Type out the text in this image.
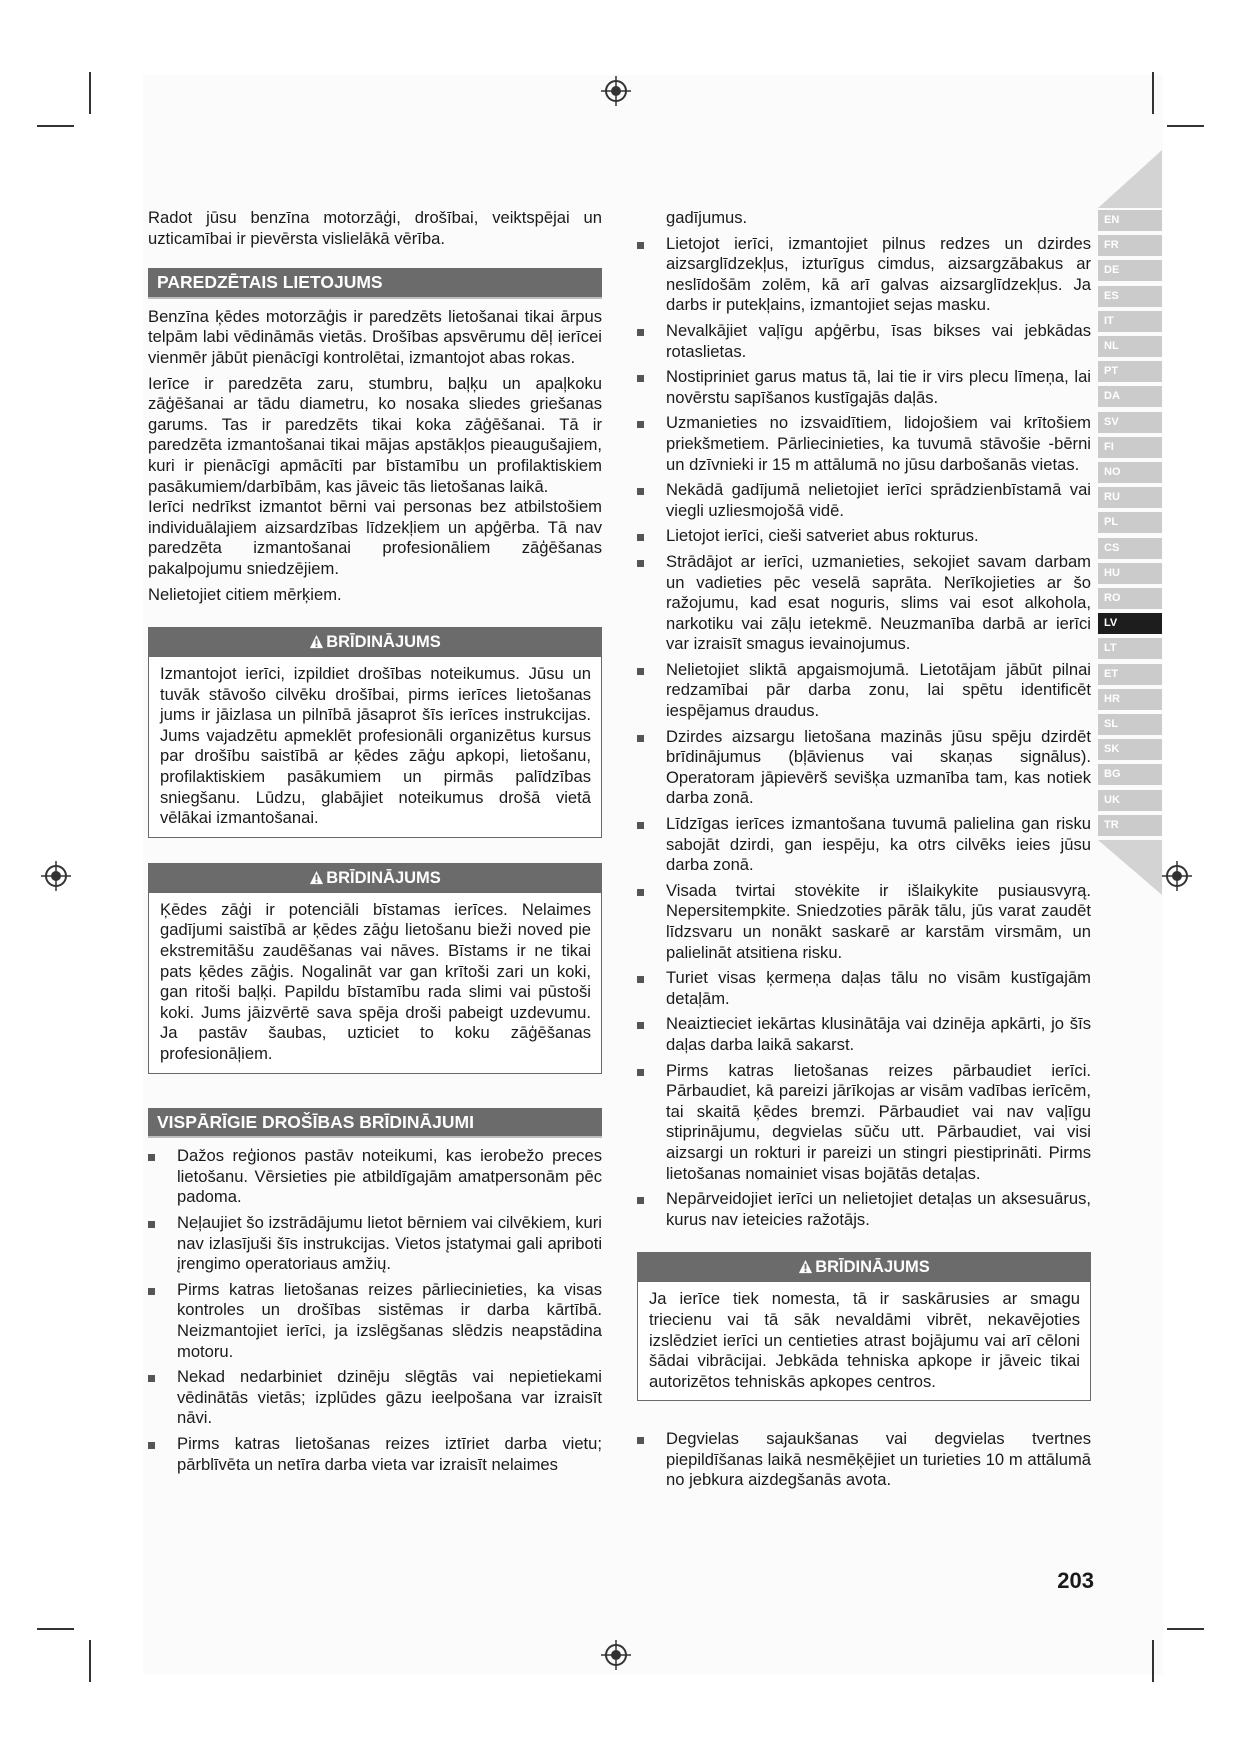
EN
FR
DE
ES
IT
NL
PT
DA
SV
FI
NO
RU
PL
CS
HU
RO
LV
LT
ET
HR
SL
SK
BG
UK
TR

Radot jūsu benzīna motorzāģi, drošībai, veiktspējai un uzticamībai ir pievērsta vislielākā vērība.

PAREDZĒTAIS LIETOJUMS

Benzīna ķēdes motorzāģis ir paredzēts lietošanai tikai ārpus telpām labi vēdināmās vietās. Drošības apsvērumu dēļ ierīcei vienmēr jābūt pienācīgi kontrolētai, izmantojot abas rokas.

Ierīce ir paredzēta zaru, stumbru, baļķu un apaļkoku zāģēšanai ar tādu diametru, ko nosaka sliedes griešanas garums. Tas ir paredzēts tikai koka zāģēšanai. Tā ir paredzēta izmantošanai tikai mājas apstākļos pieaugušajiem, kuri ir pienācīgi apmācīti par bīstamību un profilaktiskiem pasākumiem/darbībām, kas jāveic tās lietošanas laikā.

Ierīci nedrīkst izmantot bērni vai personas bez atbilstošiem individuālajiem aizsardzības līdzekļiem un apģērba. Tā nav paredzēta izmantošanai profesionāliem zāģēšanas pakalpojumu sniedzējiem.

Nelietojiet citiem mērķiem.

BRĪDINĀJUMS
Izmantojot ierīci, izpildiet drošības noteikumus. Jūsu un tuvāk stāvošo cilvēku drošībai, pirms ierīces lietošanas jums ir jāizlasa un pilnībā jāsaprot šīs ierīces instrukcijas. Jums vajadzētu apmeklēt profesionāli organizētus kursus par drošību saistībā ar ķēdes zāģu apkopi, lietošanu, profilaktiskiem pasākumiem un pirmās palīdzības sniegšanu. Lūdzu, glabājiet noteikumus drošā vietā vēlākai izmantošanai.
BRĪDINĀJUMS
Ķēdes zāģi ir potenciāli bīstamas ierīces. Nelaimes gadījumi saistībā ar ķēdes zāģu lietošanu bieži noved pie ekstremitāšu zaudēšanas vai nāves. Bīstams ir ne tikai pats ķēdes zāģis. Nogalināt var gan krītoši zari un koki, gan ritoši baļķi. Papildu bīstamību rada slimi vai pūstoši koki. Jums jāizvērtē sava spēja droši pabeigt uzdevumu. Ja pastāv šaubas, uzticiet to koku zāģēšanas profesionāļiem.
VISPĀRĪGIE DROŠĪBAS BRĪDINĀJUMI
Dažos reģionos pastāv noteikumi, kas ierobežo preces lietošanu. Vērsieties pie atbildīgajām amatpersonām pēc padoma.
Neļaujiet šo izstrādājumu lietot bērniem vai cilvēkiem, kuri nav izlasījuši šīs instrukcijas. Vietos įstatymai gali apriboti įrengimo operatoriaus amžių.
Pirms katras lietošanas reizes pārliecinieties, ka visas kontroles un drošības sistēmas ir darba kārtībā. Neizmantojiet ierīci, ja izslēgšanas slēdzis neapstādina motoru.
Nekad nedarbiniet dzinēju slēgtās vai nepietiekami vēdinātās vietās; izplūdes gāzu ieelpošana var izraisīt nāvi.
Pirms katras lietošanas reizes iztīriet darba vietu; pārblīvēta un netīra darba vieta var izraisīt nelaimes

gadījumus.

Lietojot ierīci, izmantojiet pilnus redzes un dzirdes aizsarglīdzekļus, izturīgus cimdus, aizsargzābakus ar neslīdošām zolēm, kā arī galvas aizsarglīdzekļus. Ja darbs ir putekļains, izmantojiet sejas masku.
Nevalkājiet vaļīgu apģērbu, īsas bikses vai jebkādas rotaslietas.
Nostipriniet garus matus tā, lai tie ir virs plecu līmeņa, lai novērstu sapīšanos kustīgajās daļās.
Uzmanieties no izsvaidītiem, lidojošiem vai krītošiem priekšmetiem. Pārliecinieties, ka tuvumā stāvošie -bērni un dzīvnieki ir 15 m attālumā no jūsu darbošanās vietas.
Nekādā gadījumā nelietojiet ierīci sprādzienbīstamā vai viegli uzliesmojošā vidē.
Lietojot ierīci, cieši satveriet abus rokturus.
Strādājot ar ierīci, uzmanieties, sekojiet savam darbam un vadieties pēc veselā saprāta. Nerīkojieties ar šo ražojumu, kad esat noguris, slims vai esot alkohola, narkotiku vai zāļu ietekmē. Neuzmanība darbā ar ierīci var izraisīt smagus ievainojumus.
Nelietojiet sliktā apgaismojumā. Lietotājam jābūt pilnai redzamībai pār darba zonu, lai spētu identificēt iespējamus draudus.
Dzirdes aizsargu lietošana mazinās jūsu spēju dzirdēt brīdinājumus (bļāvienus vai skaņas signālus). Operatoram jāpievērš sevišķa uzmanība tam, kas notiek darba zonā.
Līdzīgas ierīces izmantošana tuvumā palielina gan risku sabojāt dzirdi, gan iespēju, ka otrs cilvēks ieies jūsu darba zonā.
Visada tvirtai stovėkite ir išlaikykite pusiausvyrą. Nepersitempkite. Sniedzoties pārāk tālu, jūs varat zaudēt līdzsvaru un nonākt saskarē ar karstām virsmām, un palielināt atsitiena risku.
Turiet visas ķermeņa daļas tālu no visām kustīgajām detaļām.
Neaiztieciet iekārtas klusinātāja vai dzinēja apkārti, jo šīs daļas darba laikā sakarst.
Pirms katras lietošanas reizes pārbaudiet ierīci. Pārbaudiet, kā pareizi jārīkojas ar visām vadības ierīcēm, tai skaitā ķēdes bremzi. Pārbaudiet vai nav vaļīgu stiprinājumu, degvielas sūču utt. Pārbaudiet, vai visi aizsargi un rokturi ir pareizi un stingri piestiprināti. Pirms lietošanas nomainiet visas bojātās detaļas.
Nepārveidojiet ierīci un nelietojiet detaļas un aksesuārus, kurus nav ieteicies ražotājs.
BRĪDINĀJUMS
Ja ierīce tiek nomesta, tā ir saskārusies ar smagu triecienu vai tā sāk nevaldāmi vibrēt, nekavējoties izslēdziet ierīci un centieties atrast bojājumu vai arī cēloni šādai vibrācijai. Jebkāda tehniska apkope ir jāveic tikai autorizētos tehniskās apkopes centros.
Degvielas sajaukšanas vai degvielas tvertnes piepildīšanas laikā nesmēķējiet un turieties 10 m attālumā no jebkura aizdegšanās avota.
203
